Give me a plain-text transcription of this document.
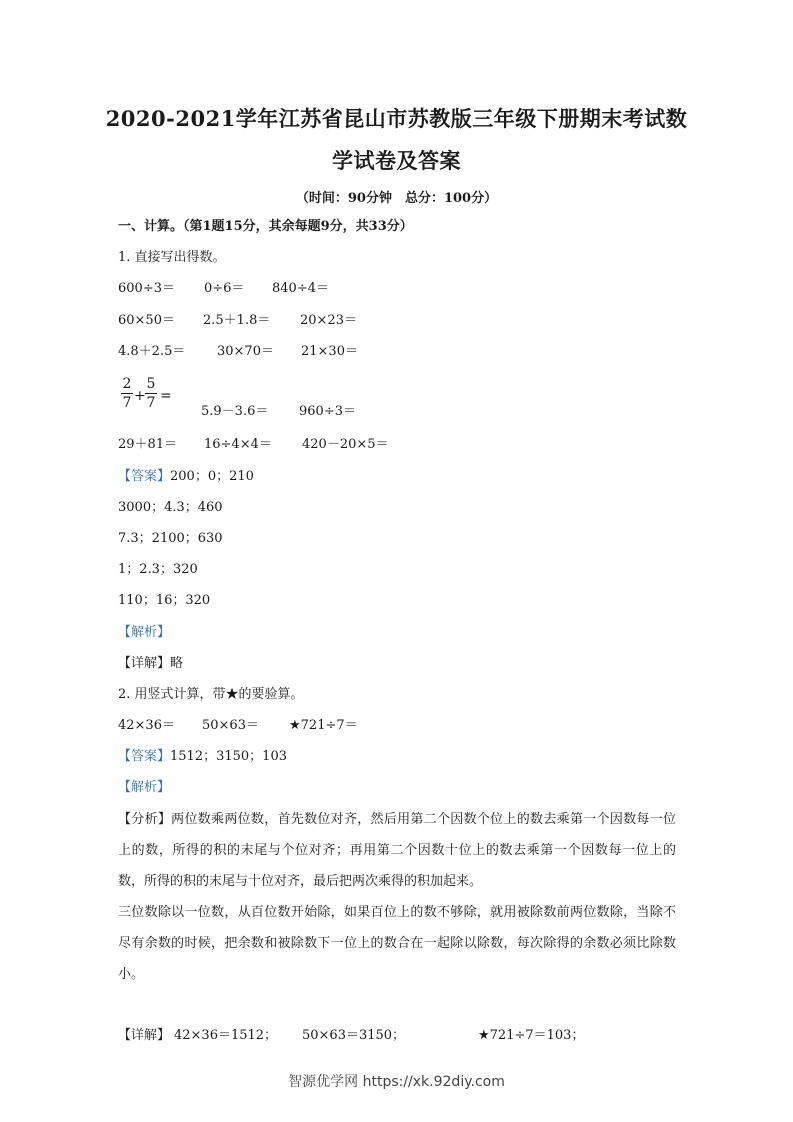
2020-2021学年江苏省昆山市苏教版三年级下册期末考试数
学试卷及答案
（时间：90分钟　总分：100分）
一、计算。（第1题15分，其余每题9分，共33分）
1. 直接写出得数。
600÷3＝ 0÷6＝ 840÷4＝
60×50＝ 2.5＋1.8＝ 20×23＝
4.8＋2.5＝ 30×70＝ 21×30＝
2
7 +
5
7 =
5.9－3.6＝ 960÷3＝
29＋81＝ 16÷4×4＝ 420－20×5＝
【答案】200；0；210
3000；4.3；460
7.3；2100；630
1；2.3；320
110；16；320
【解析】
【详解】略
2. 用竖式计算，带★的要验算。
42×36＝ 50×63＝ ★721÷7＝
【答案】1512；3150；103
【解析】
【分析】两位数乘两位数，首先数位对齐，然后用第二个因数个位上的数去乘第一个因数每一位上的数，所得的积的末尾与个位对齐；再用第二个因数十位上的数去乘第一个因数每一位上的数，所得的积的末尾与十位对齐，最后把两次乘得的积加起来。
三位数除以一位数，从百位数开始除，如果百位上的数不够除，就用被除数前两位数除，当除不尽有余数的时候，把余数和被除数下一位上的数合在一起除以除数，每次除得的余数必须比除数小。
【详解】 42×36＝1512； 50×63＝3150；	★721÷7＝103；
智源优学网 https://xk.92diy.com
